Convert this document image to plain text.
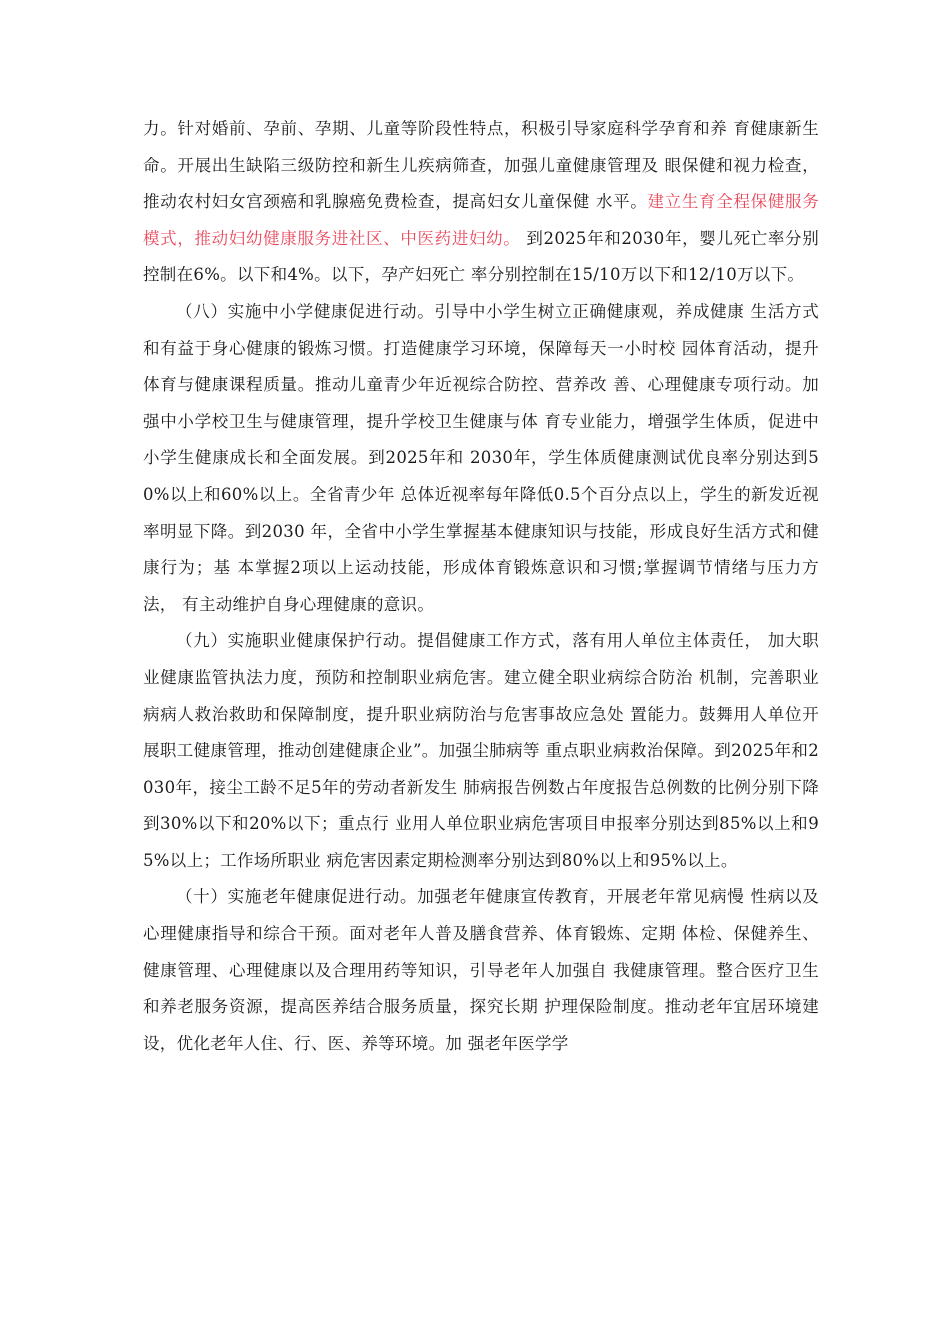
力。针对婚前、孕前、孕期、儿童等阶段性特点，积极引导家庭科学孕育和养 育健康新生命。开展出生缺陷三级防控和新生儿疾病筛查，加强儿童健康管理及 眼保健和视力检查，推动农村妇女宫颈癌和乳腺癌免费检查，提高妇女儿童保健 水平。建立生育全程保健服务模式，推动妇幼健康服务进社区、中医药进妇幼。 到2025年和2030年，婴儿死亡率分别控制在6%。以下和4%。以下，孕产妇死亡 率分别控制在15/10万以下和12/10万以下。

（八）实施中小学健康促进行动。引导中小学生树立正确健康观，养成健康 生活方式和有益于身心健康的锻炼习惯。打造健康学习环境，保障每天一小时校 园体育活动，提升体育与健康课程质量。推动儿童青少年近视综合防控、营养改 善、心理健康专项行动。加强中小学校卫生与健康管理，提升学校卫生健康与体 育专业能力，增强学生体质，促进中小学生健康成长和全面发展。到2025年和 2030年，学生体质健康测试优良率分别达到50%以上和60%以上。全省青少年 总体近视率每年降低0.5个百分点以上，学生的新发近视率明显下降。到2030 年，全省中小学生掌握基本健康知识与技能，形成良好生活方式和健康行为；基 本掌握2项以上运动技能，形成体育锻炼意识和习惯;掌握调节情绪与压力方法， 有主动维护自身心理健康的意识。

（九）实施职业健康保护行动。提倡健康工作方式，落有用人单位主体责任， 加大职业健康监管执法力度，预防和控制职业病危害。建立健全职业病综合防治 机制，完善职业病病人救治救助和保障制度，提升职业病防治与危害事故应急处 置能力。鼓舞用人单位开展职工健康管理，推动创建健康企业”。加强尘肺病等 重点职业病救治保障。到2025年和2030年，接尘工龄不足5年的劳动者新发生 肺病报告例数占年度报告总例数的比例分别下降到30%以下和20%以下；重点行 业用人单位职业病危害项目申报率分别达到85%以上和95%以上；工作场所职业 病危害因素定期检测率分别达到80%以上和95%以上。

（十）实施老年健康促进行动。加强老年健康宣传教育，开展老年常见病慢 性病以及心理健康指导和综合干预。面对老年人普及膳食营养、体育锻炼、定期 体检、保健养生、健康管理、心理健康以及合理用药等知识，引导老年人加强自 我健康管理。整合医疗卫生和养老服务资源，提高医养结合服务质量，探究长期 护理保险制度。推动老年宜居环境建设，优化老年人住、行、医、养等环境。加 强老年医学学
